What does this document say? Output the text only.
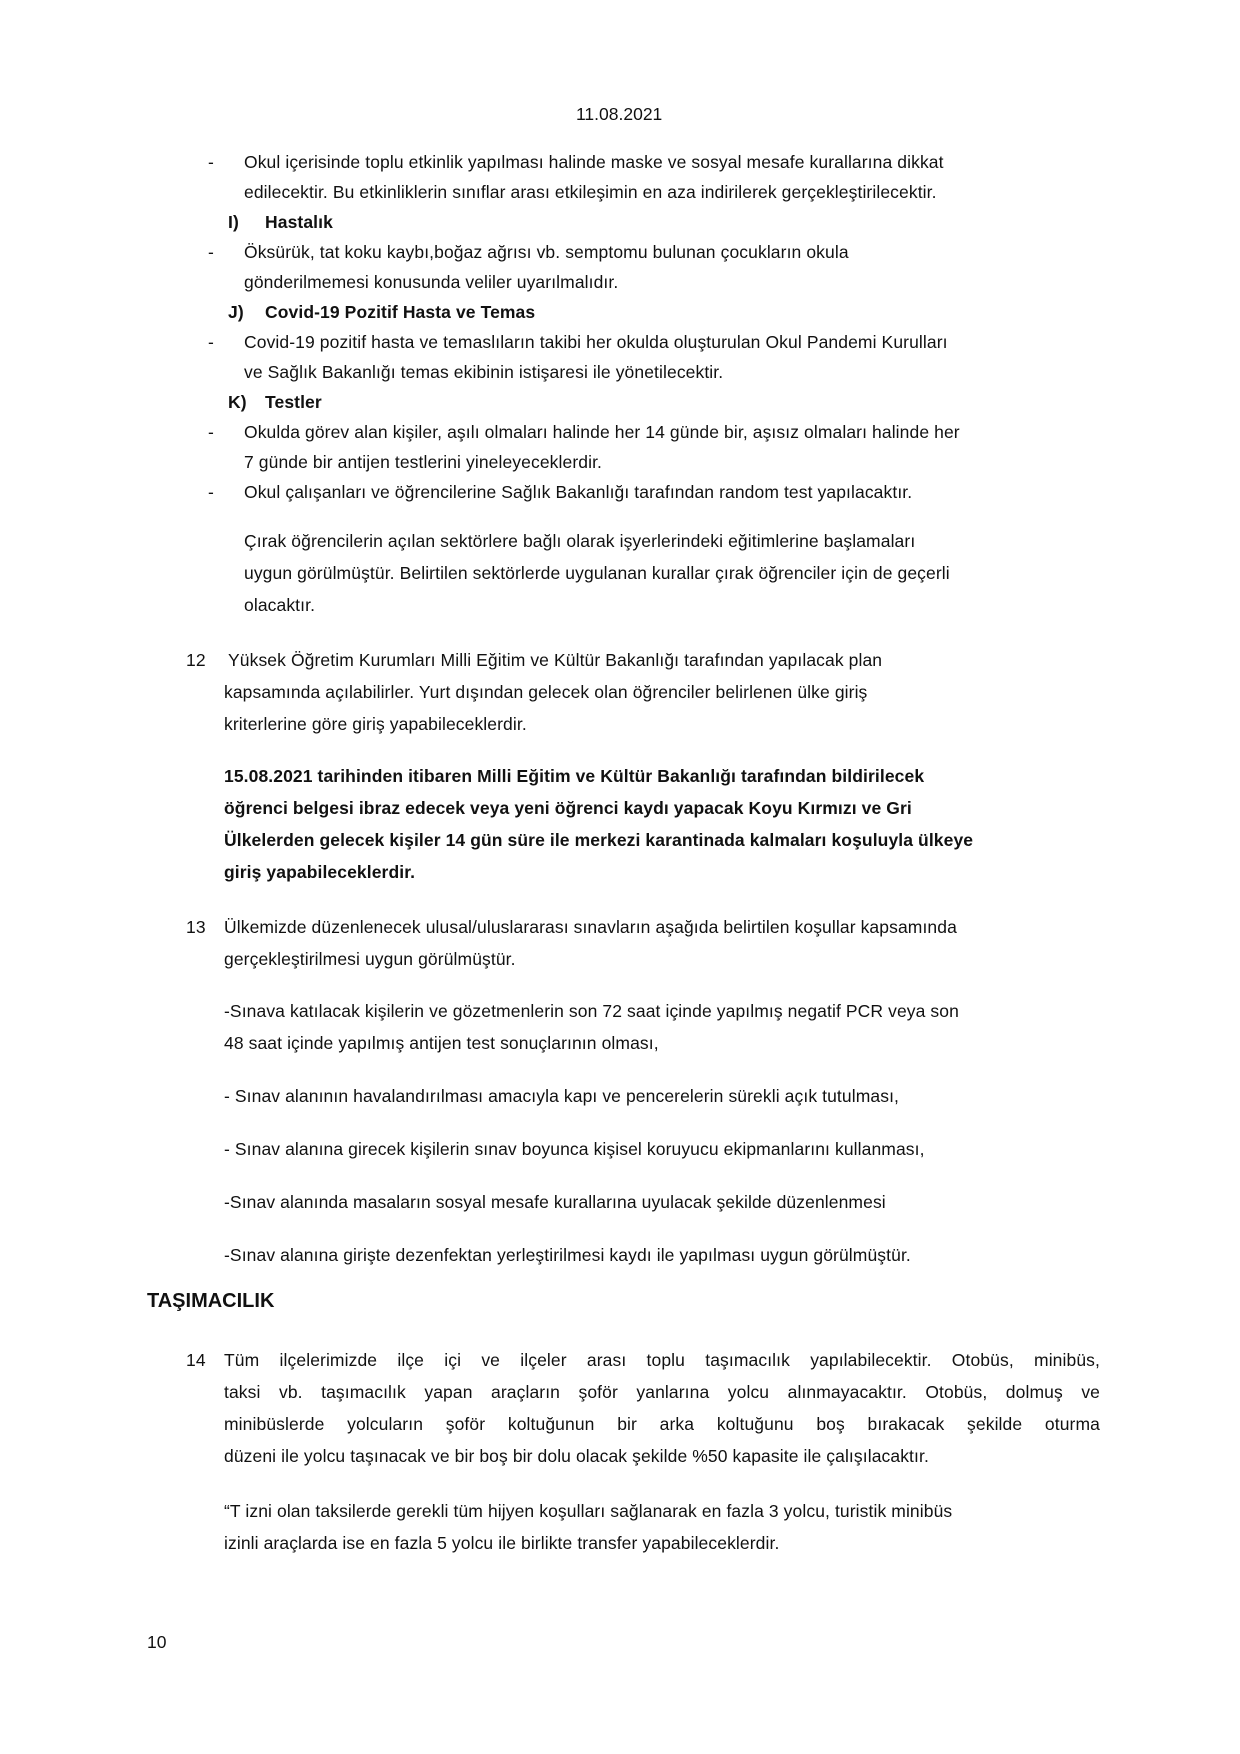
11.08.2021
- Okul içerisinde toplu etkinlik yapılması halinde maske ve sosyal mesafe kurallarına dikkat
edilecektir. Bu etkinliklerin sınıflar arası etkileşimin en aza indirilerek gerçekleştirilecektir.
I) Hastalık
- Öksürük, tat koku kaybı,boğaz ağrısı vb. semptomu bulunan çocukların okula
gönderilmemesi konusunda veliler uyarılmalıdır.
J) Covid-19 Pozitif Hasta ve Temas
- Covid-19 pozitif hasta ve temaslıların takibi her okulda oluşturulan Okul Pandemi Kurulları
ve Sağlık Bakanlığı temas ekibinin istişaresi ile yönetilecektir.
K) Testler
- Okulda görev alan kişiler, aşılı olmaları halinde her 14 günde bir, aşısız olmaları halinde her
7 günde bir antijen testlerini yineleyeceklerdir.
- Okul çalışanları ve öğrencilerine Sağlık Bakanlığı tarafından random test yapılacaktır.
Çırak öğrencilerin açılan sektörlere bağlı olarak işyerlerindeki eğitimlerine başlamaları
uygun görülmüştür. Belirtilen sektörlerde uygulanan kurallar çırak öğrenciler için de geçerli
olacaktır.
12 Yüksek Öğretim Kurumları Milli Eğitim ve Kültür Bakanlığı tarafından yapılacak plan
kapsamında açılabilirler. Yurt dışından gelecek olan öğrenciler belirlenen ülke giriş
kriterlerine göre giriş yapabileceklerdir.
15.08.2021 tarihinden itibaren Milli Eğitim ve Kültür Bakanlığı tarafından bildirilecek
öğrenci belgesi ibraz edecek veya yeni öğrenci kaydı yapacak Koyu Kırmızı ve Gri
Ülkelerden gelecek kişiler 14 gün süre ile merkezi karantinada kalmaları koşuluyla ülkeye
giriş yapabileceklerdir.
13 Ülkemizde düzenlenecek ulusal/uluslararası sınavların aşağıda belirtilen koşullar kapsamında
gerçekleştirilmesi uygun görülmüştür.
-Sınava katılacak kişilerin ve gözetmenlerin son 72 saat içinde yapılmış negatif PCR veya son
48 saat içinde yapılmış antijen test sonuçlarının olması,
- Sınav alanının havalandırılması amacıyla kapı ve pencerelerin sürekli açık tutulması,
- Sınav alanına girecek kişilerin sınav boyunca kişisel koruyucu ekipmanlarını kullanması,
-Sınav alanında masaların sosyal mesafe kurallarına uyulacak şekilde düzenlenmesi
-Sınav alanına girişte dezenfektan yerleştirilmesi kaydı ile yapılması uygun görülmüştür.
TAŞIMACILIK
14 Tüm ilçelerimizde ilçe içi ve ilçeler arası toplu taşımacılık yapılabilecektir. Otobüs, minibüs,
taksi vb. taşımacılık yapan araçların şoför yanlarına yolcu alınmayacaktır. Otobüs, dolmuş ve
minibüslerde yolcuların şoför koltuğunun bir arka koltuğunu boş bırakacak şekilde oturma
düzeni ile yolcu taşınacak ve bir boş bir dolu olacak şekilde %50 kapasite ile çalışılacaktır.
“T izni olan taksilerde gerekli tüm hijyen koşulları sağlanarak en fazla 3 yolcu, turistik minibüs
izinli araçlarda ise en fazla 5 yolcu ile birlikte transfer yapabileceklerdir.
10
